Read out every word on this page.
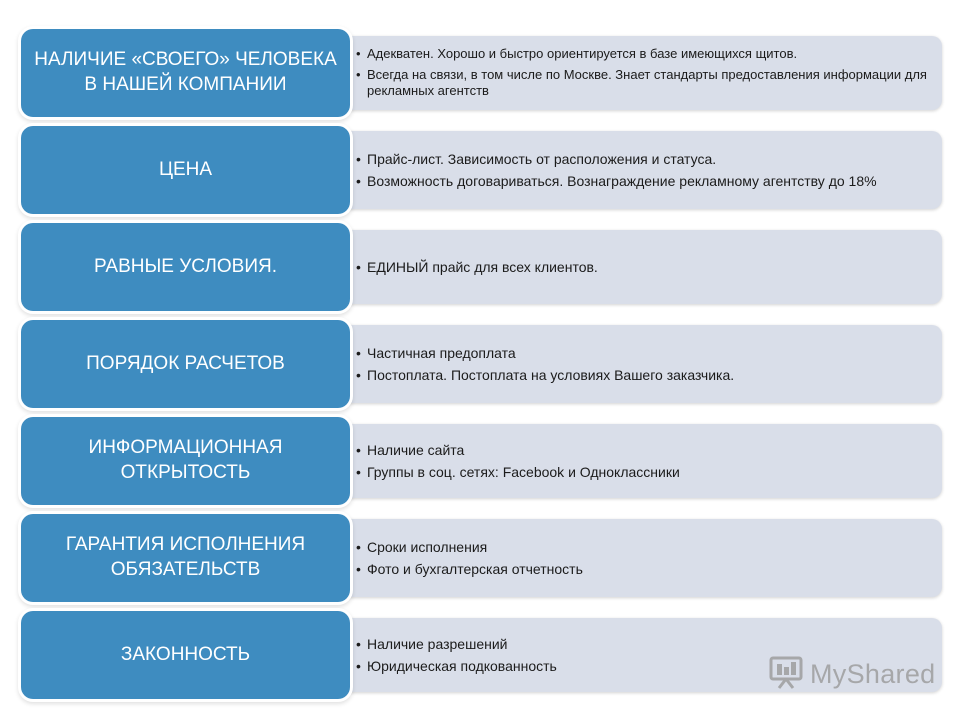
• Адекватен. Хорошо и быстро ориентируется в базе имеющихся щитов.
• Всегда на связи, в том числе по Москве. Знает стандарты предоставления информации для рекламных агентств
НАЛИЧИЕ «СВОЕГО» ЧЕЛОВЕКА
В НАШЕЙ КОМПАНИИ
• Прайс-лист. Зависимость от расположения и статуса.
• Возможность договариваться. Вознаграждение рекламному агентству до 18%
ЦЕНА
• ЕДИНЫЙ прайс для всех клиентов.
РАВНЫЕ УСЛОВИЯ.
• Частичная предоплата
• Постоплата. Постоплата на условиях Вашего заказчика.
ПОРЯДОК РАСЧЕТОВ
• Наличие сайта
• Группы в соц. сетях: Facebook и Одноклассники
ИНФОРМАЦИОННАЯ
ОТКРЫТОСТЬ
• Сроки исполнения
• Фото и бухгалтерская отчетность
ГАРАНТИЯ ИСПОЛНЕНИЯ
ОБЯЗАТЕЛЬСТВ
• Наличие разрешений
• Юридическая подкованность
ЗАКОННОСТЬ
MyShared
